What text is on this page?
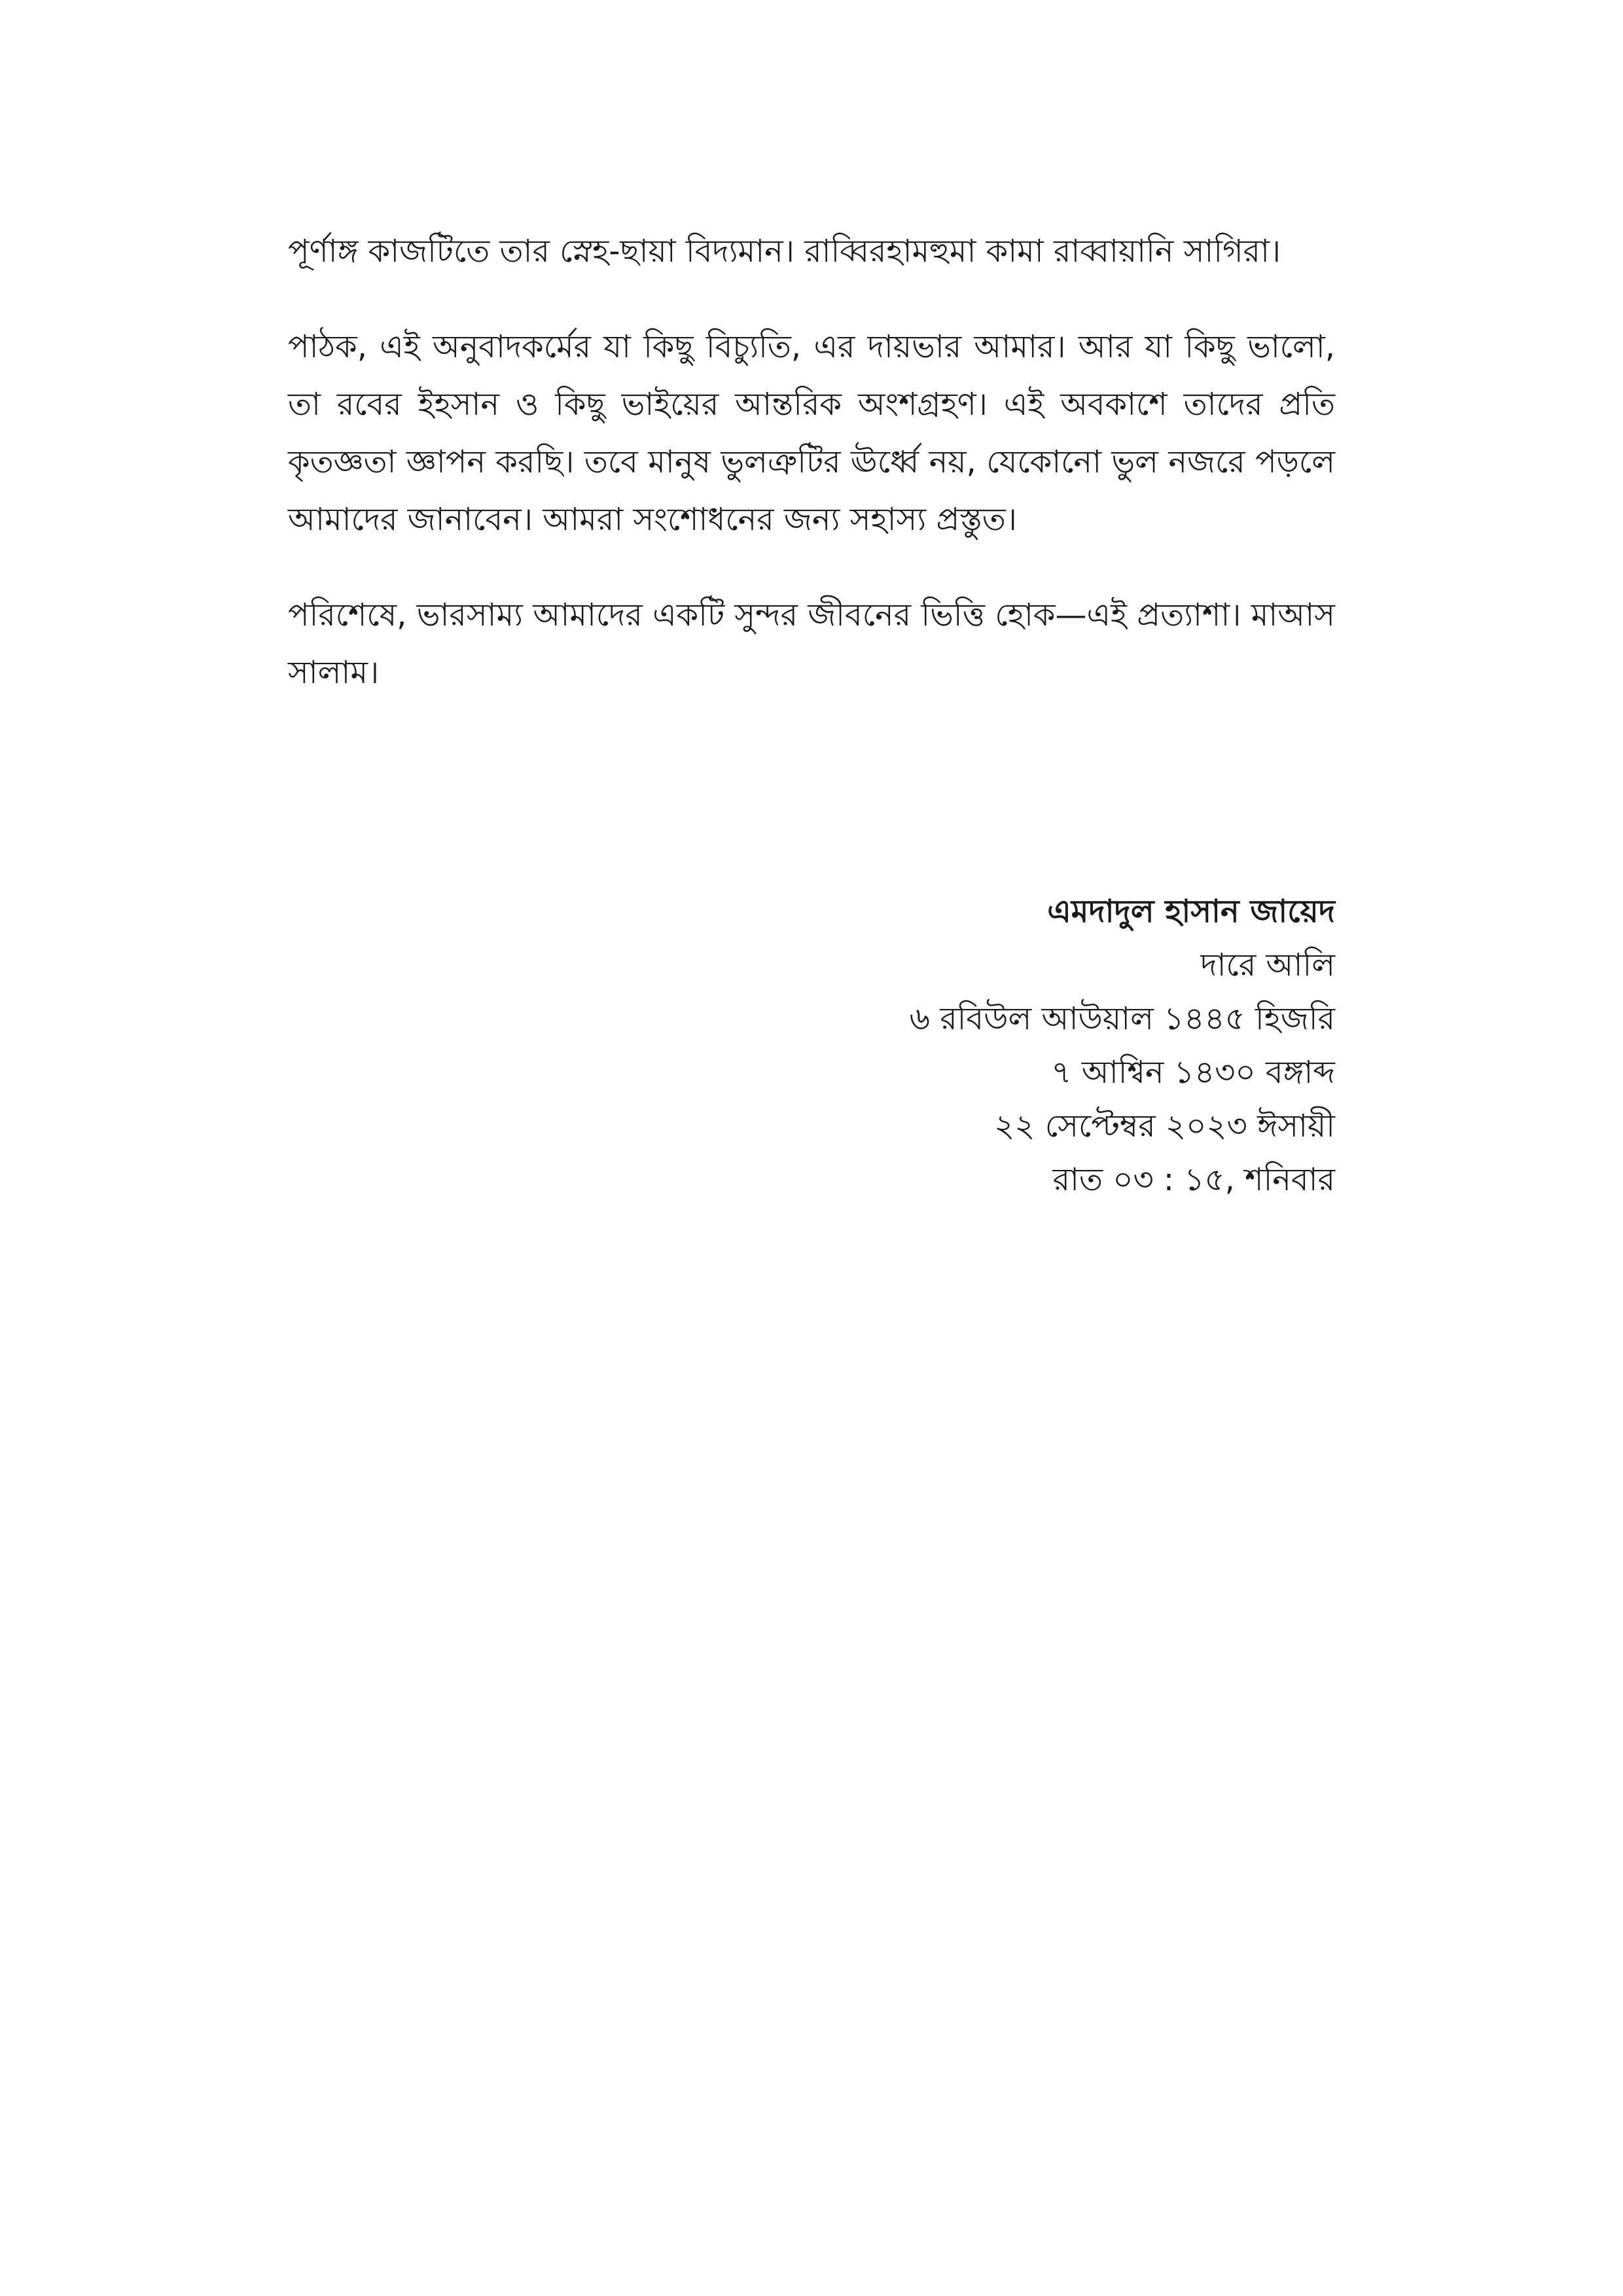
পূর্ণাঙ্গ কাজটিতে তার স্নেহ-ছায়া বিদ্যমান। রাব্বিরহামহুমা কামা রাব্বায়ানি সাগিরা।

পাঠক, এই অনুবাদকর্মের যা কিছু বিচ্যুতি, এর দায়ভার আমার। আর যা কিছু ভালো, তা রবের ইহসান ও কিছু ভাইয়ের আন্তরিক অংশগ্রহণ। এই অবকাশে তাদের প্রতি কৃতজ্ঞতা জ্ঞাপন করছি। তবে মানুষ ভুলত্রুটির ঊর্ধ্বে নয়, যেকোনো ভুল নজরে পড়লে আমাদের জানাবেন। আমরা সংশোধনের জন্য সহাস্য প্রস্তুত।

পরিশেষে, ভারসাম্য আমাদের একটি সুন্দর জীবনের ভিত্তি হোক—এই প্রত্যাশা। মাআস সালাম।

এমদাদুল হাসান জায়েদ
দারে আলি
৬ রবিউল আউয়াল ১৪৪৫ হিজরি
৭ আশ্বিন ১৪৩০ বঙ্গাব্দ
২২ সেপ্টেম্বর ২০২৩ ঈসায়ী
রাত ০৩ : ১৫, শনিবার
